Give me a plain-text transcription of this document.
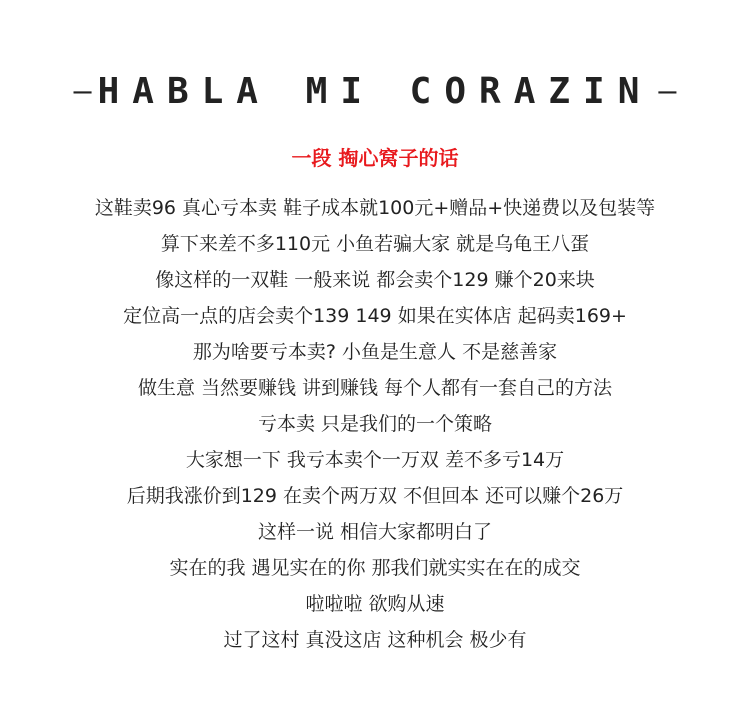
– HABLA MI CORAZIN –
一段 掏心窝子的话
这鞋卖96 真心亏本卖 鞋子成本就100元+赠品+快递费以及包装等
算下来差不多110元 小鱼若骗大家 就是乌龟王八蛋
像这样的一双鞋 一般来说 都会卖个129 赚个20来块
定位高一点的店会卖个139 149 如果在实体店 起码卖169+
那为啥要亏本卖? 小鱼是生意人 不是慈善家
做生意 当然要赚钱 讲到赚钱 每个人都有一套自己的方法
亏本卖 只是我们的一个策略
大家想一下 我亏本卖个一万双 差不多亏14万
后期我涨价到129 在卖个两万双 不但回本 还可以赚个26万
这样一说 相信大家都明白了
实在的我 遇见实在的你 那我们就实实在在的成交
啦啦啦 欲购从速
过了这村 真没这店 这种机会 极少有
